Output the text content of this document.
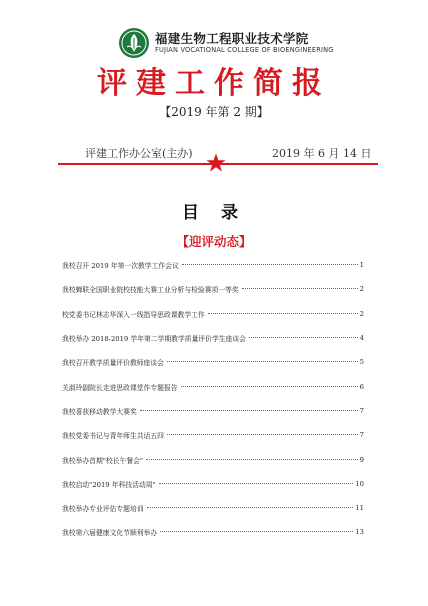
福建生物工程职业技术学院
FUJIAN VOCATIONAL COLLEGE OF BIOENGINEERING
评建工作简报
【2019 年第 2 期】
评建工作办公室(主办)	2019 年 6 月 14 日
目 录
【迎评动态】
我校召开 2019 年第一次教学工作会议	1
我校蝉联全国职业院校技能大赛工业分析与检验赛项一等奖	2
校党委书记林志华深入一线指导思政课教学工作	2
我校举办 2018-2019 学年第二学期教学质量评价学生座谈会	4
我校召开教学质量评价教师座谈会	5
关淑玲副院长走进思政课堂作专题报告	6
我校喜获移动教学大赛奖	7
我校党委书记与青年师生共话五四	7
我校举办首期"校长午餐会"	9
我校启动"2019 年科技活动周"	10
我校举办专业评估专题培训	11
我校第六届健康文化节顺利举办	13
